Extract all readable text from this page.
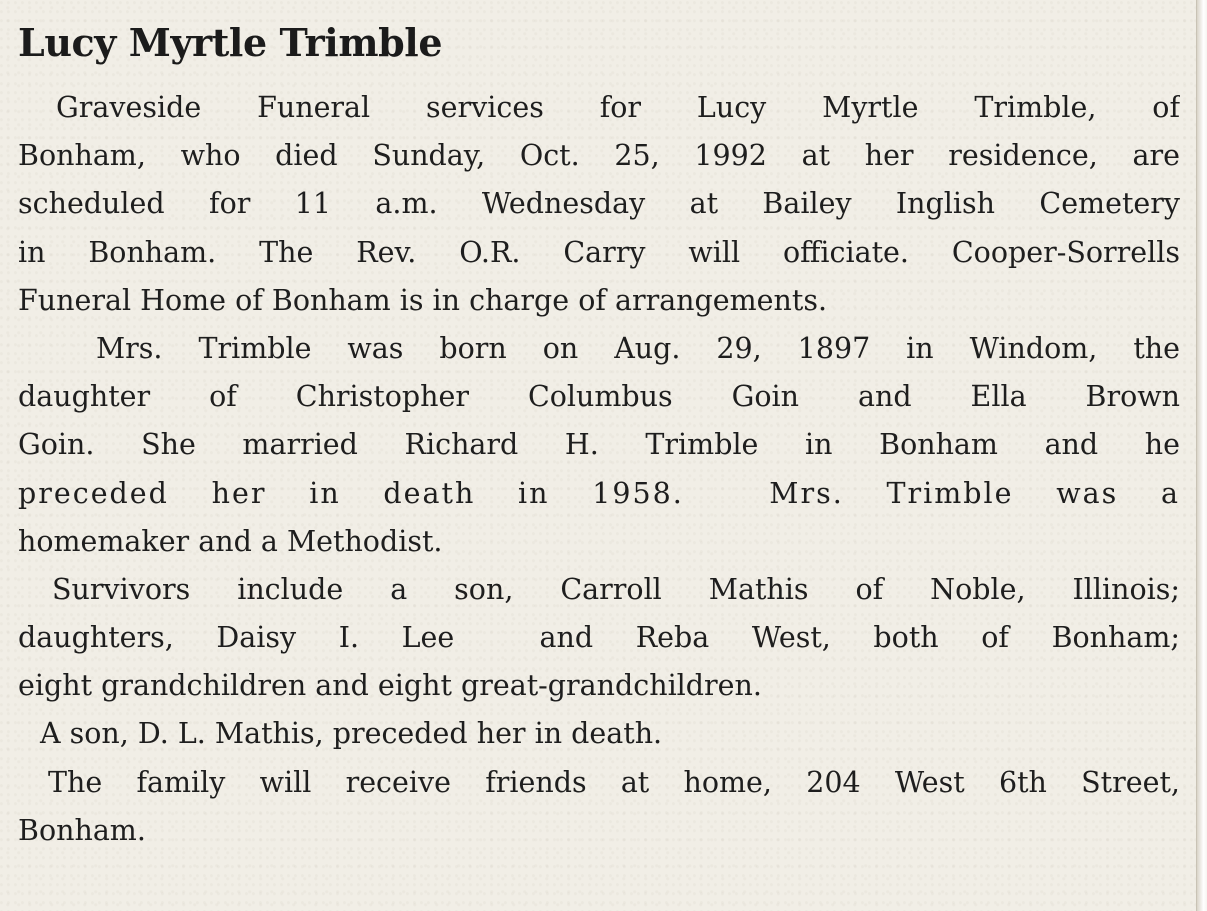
Lucy Myrtle Trimble
Graveside Funeral services for Lucy Myrtle Trimble, of
Bonham, who died Sunday, Oct. 25, 1992 at her residence, are
scheduled for 11 a.m. Wednesday at Bailey Inglish Cemetery
in Bonham. The Rev. O.R. Carry will officiate. Cooper-Sorrells
Funeral Home of Bonham is in charge of arrangements.
Mrs. Trimble was born on Aug. 29, 1897 in Windom, the
daughter of Christopher Columbus Goin and Ella Brown
Goin. She married Richard H. Trimble in Bonham and he
preceded her in death in 1958.  Mrs. Trimble was a
homemaker and a Methodist.
Survivors include a son, Carroll Mathis of Noble, Illinois;
daughters, Daisy I. Lee  and Reba West, both of Bonham;
eight grandchildren and eight great-grandchildren.
A son, D. L. Mathis, preceded her in death.
The family will receive friends at home, 204 West 6th Street,
Bonham.
